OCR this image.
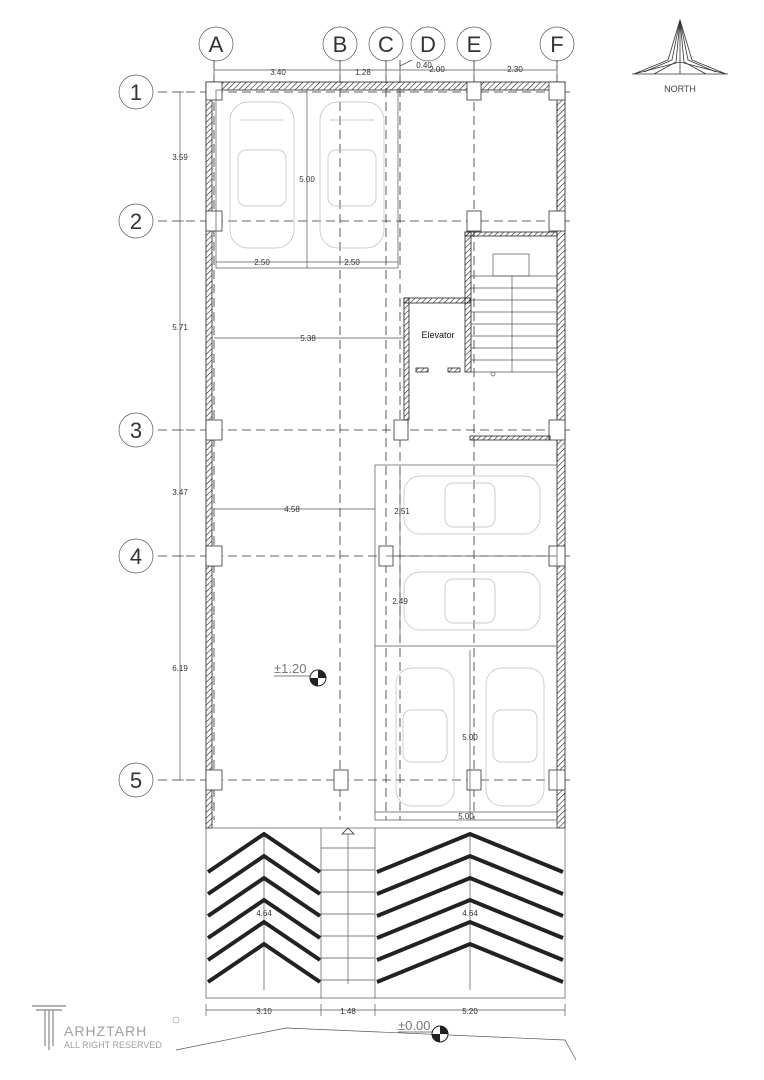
A	B C D E	F
1
2
3
4
5
3.40	1.28
0.40
2.00	2.30
3.59
5.71
3.47
6.19
5.00
2.50	2.50
Elevator
5.38
4.58	2.51
2.49
5.00
5.00
±1.20
4.64	4.64
3.10	1.48	5.20
±0.00
NORTH
ARHZTARH
ALL RIGHT RESERVED
